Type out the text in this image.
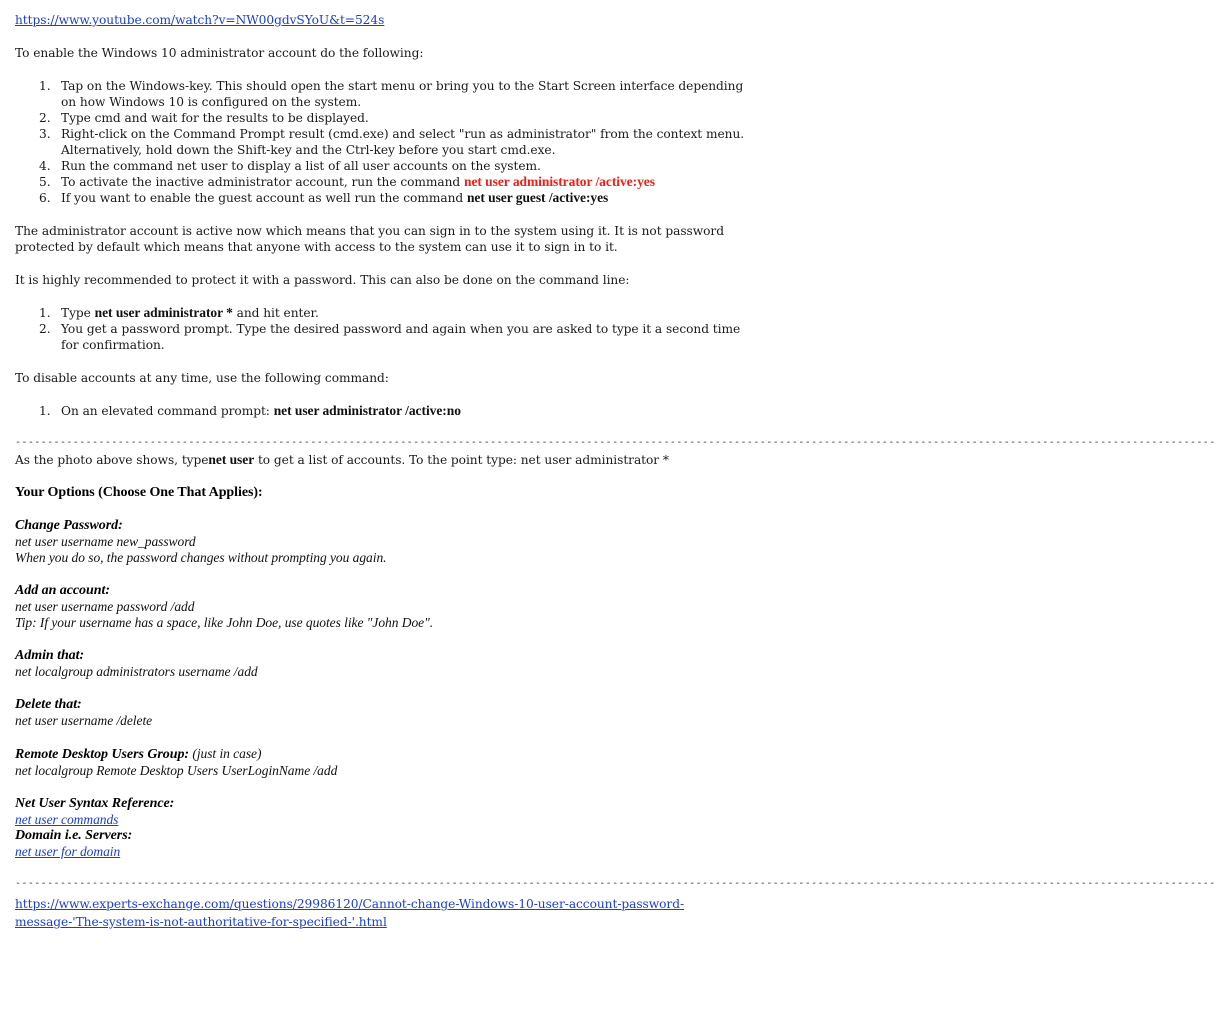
https://www.youtube.com/watch?v=NW00gdvSYoU&t=524s

To enable the Windows 10 administrator account do the following:

1. Tap on the Windows-key. This should open the start menu or bring you to the Start Screen interface depending
on how Windows 10 is configured on the system.
2. Type cmd and wait for the results to be displayed.
3. Right-click on the Command Prompt result (cmd.exe) and select "run as administrator" from the context menu.
Alternatively, hold down the Shift-key and the Ctrl-key before you start cmd.exe.
4. Run the command net user to display a list of all user accounts on the system.
5. To activate the inactive administrator account, run the command net user administrator /active:yes
6. If you want to enable the guest account as well run the command net user guest /active:yes

The administrator account is active now which means that you can sign in to the system using it. It is not password
protected by default which means that anyone with access to the system can use it to sign in to it.

It is highly recommended to protect it with a password. This can also be done on the command line:

1. Type net user administrator * and hit enter.
2. You get a password prompt. Type the desired password and again when you are asked to type it a second time
for confirmation.

To disable accounts at any time, use the following command:

1. On an elevated command prompt: net user administrator /active:no
-------------------------------------------------------------------------------------------------------------------------------------------------------------------------------------------

As the photo above shows, typenet user to get a list of accounts. To the point type: net user administrator *

Your Options (Choose One That Applies):

Change Password:

net user username new_password

When you do so, the password changes without prompting you again.

Add an account:

net user username password /add

Tip: If your username has a space, like John Doe, use quotes like "John Doe".

Admin that:

net localgroup administrators username /add

Delete that:

net user username /delete

Remote Desktop Users Group: (just in case)

net localgroup Remote Desktop Users UserLoginName /add

Net User Syntax Reference:

net user commands

Domain i.e. Servers:

net user for domain

-------------------------------------------------------------------------------------------------------------------------------------------------------------------------------------------

https://www.experts-exchange.com/questions/29986120/Cannot-change-Windows-10-user-account-password-
message-'The-system-is-not-authoritative-for-specified-'.html
